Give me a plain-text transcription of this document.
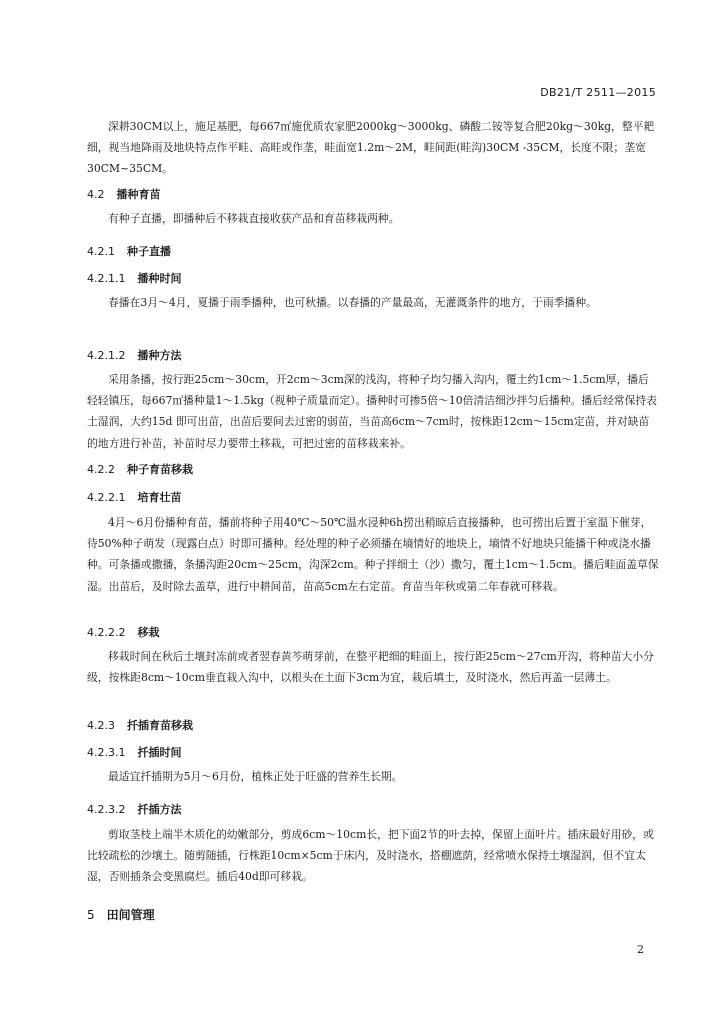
DB21/T 2511—2015
深耕30CM以上，施足基肥，每667㎡施优质农家肥2000kg～3000kg、磷酸二铵等复合肥20kg～30kg，整平耙细，视当地降雨及地块特点作平畦、高畦或作垄，畦面宽1.2m～2M，畦间距(畦沟)30CM -35CM，长度不限；垄宽30CM~35CM。
4.2 播种育苗
有种子直播，即播种后不移栽直接收获产品和育苗移栽两种。
4.2.1 种子直播
4.2.1.1 播种时间
春播在3月～4月，夏播于雨季播种，也可秋播。以春播的产量最高，无灌溉条件的地方，于雨季播种。
4.2.1.2 播种方法
采用条播，按行距25cm～30cm，开2cm～3cm深的浅沟，将种子均匀播入沟内，覆土约1cm～1.5cm厚，播后轻轻镇压，每667㎡播种量1～1.5kg（视种子质量而定）。播种时可掺5倍～10倍清洁细沙拌匀后播种。播后经常保持表土湿润，大约15d 即可出苗，出苗后要间去过密的弱苗，当苗高6cm～7cm时，按株距12cm～15cm定苗，并对缺苗的地方进行补苗，补苗时尽力要带土移栽，可把过密的苗移栽来补。
4.2.2 种子育苗移栽
4.2.2.1 培育壮苗
4月～6月份播种育苗，播前将种子用40℃～50℃温水浸种6h捞出稍晾后直接播种，也可捞出后置于室温下催芽，待50%种子萌发（现露白点）时即可播种。经处理的种子必须播在墒情好的地块上，墒情不好地块只能播干种或浇水播种。可条播或撒播，条播沟距20cm～25cm，沟深2cm。种子拌细土（沙）撒匀，覆土1cm～1.5cm。播后畦面盖草保湿。出苗后，及时除去盖草，进行中耕间苗，苗高5cm左右定苗。育苗当年秋或第二年春就可移栽。
4.2.2.2 移栽
移栽时间在秋后土壤封冻前或者翌春黄芩萌芽前，在整平耙细的畦面上，按行距25cm～27cm开沟，将种苗大小分级，按株距8cm～10cm垂直栽入沟中，以根头在土面下3cm为宜，栽后填土，及时浇水，然后再盖一层薄土。
4.2.3 扦插育苗移栽
4.2.3.1 扦插时间
最适宜扦插期为5月～6月份，植株正处于旺盛的营养生长期。
4.2.3.2 扦插方法
剪取茎枝上端半木质化的幼嫩部分，剪成6cm～10cm长，把下面2节的叶去掉，保留上面叶片。插床最好用砂，或比较疏松的沙壤土。随剪随插，行株距10cm×5cm于床内，及时浇水，搭棚遮荫，经常喷水保持土壤湿润，但不宜太湿，否则插条会变黑腐烂。插后40d即可移栽。
5 田间管理
2
